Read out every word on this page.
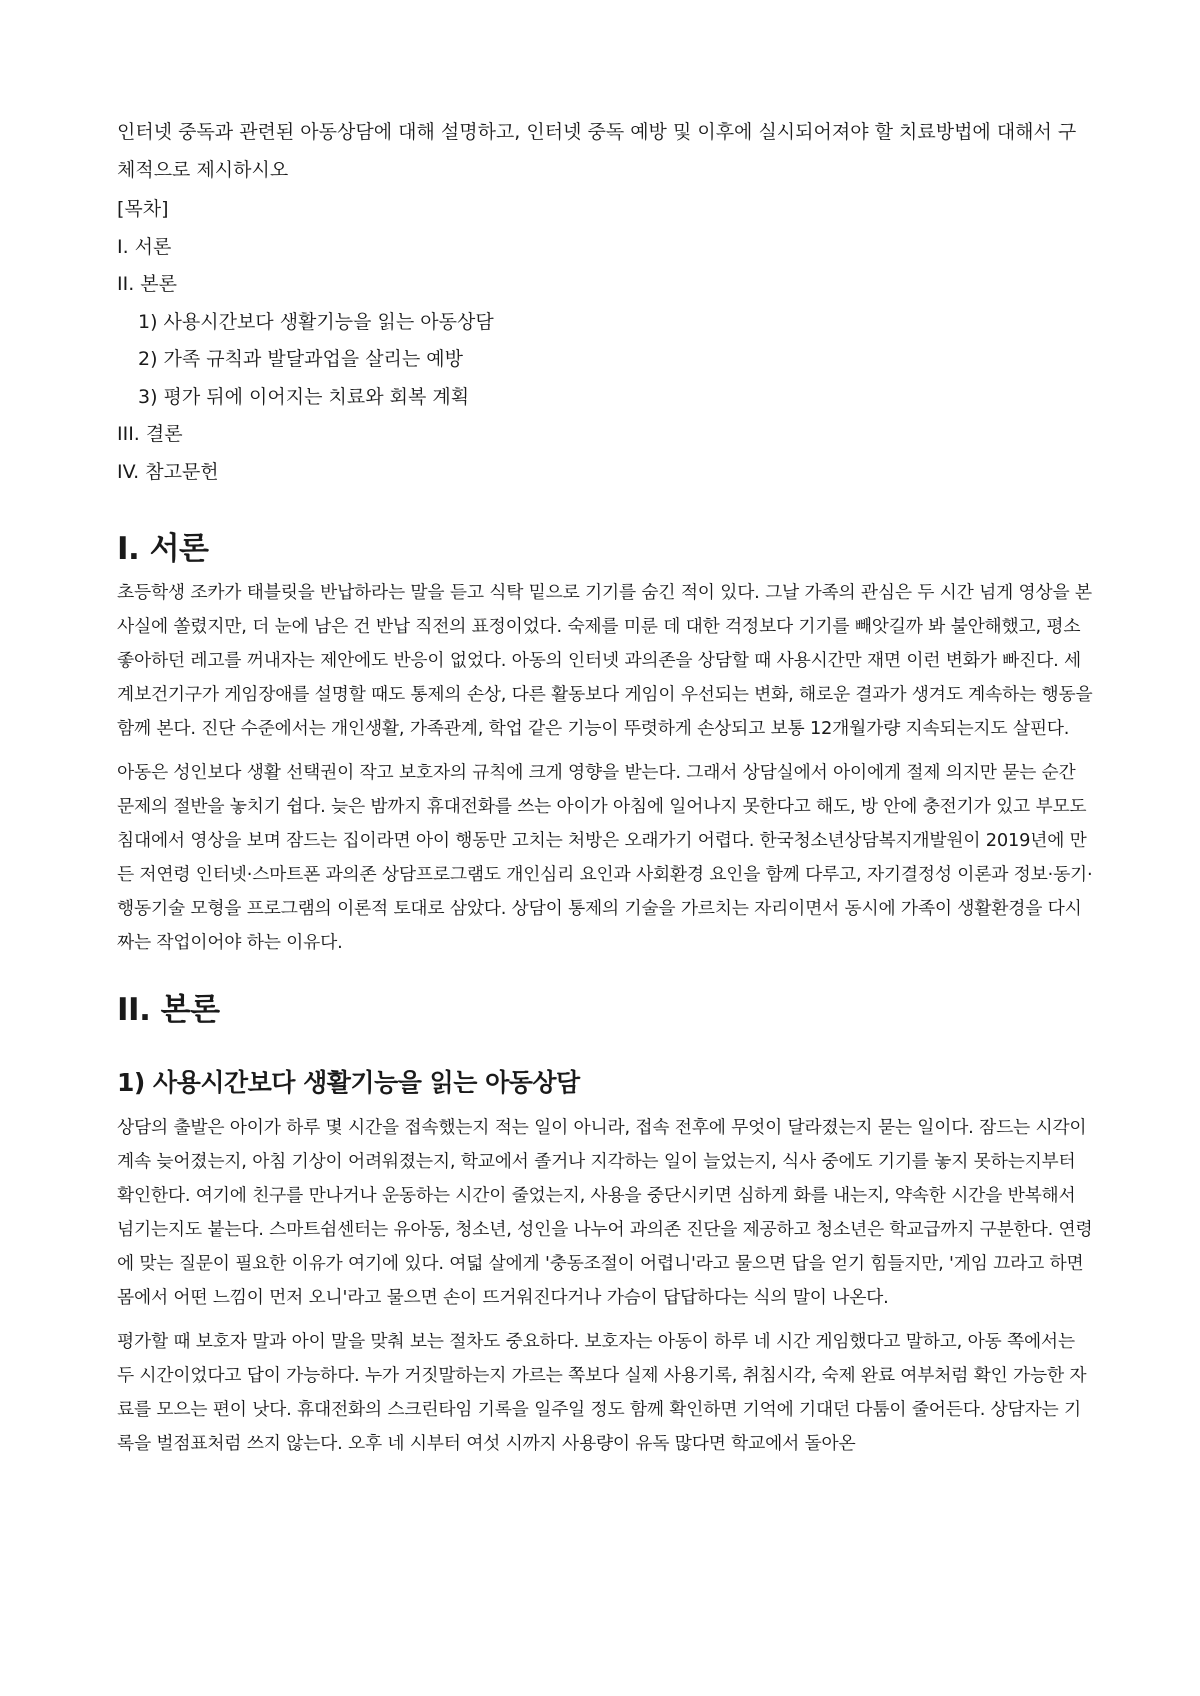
인터넷 중독과 관련된 아동상담에 대해 설명하고, 인터넷 중독 예방 및 이후에 실시되어져야 할 치료방법에 대해서 구체적으로 제시하시오

[목차]
I. 서론
II. 본론
1) 사용시간보다 생활기능을 읽는 아동상담
2) 가족 규칙과 발달과업을 살리는 예방
3) 평가 뒤에 이어지는 치료와 회복 계획
III. 결론
IV. 참고문헌
I. 서론

초등학생 조카가 태블릿을 반납하라는 말을 듣고 식탁 밑으로 기기를 숨긴 적이 있다. 그날 가족의 관심은 두 시간 넘게 영상을 본 사실에 쏠렸지만, 더 눈에 남은 건 반납 직전의 표정이었다. 숙제를 미룬 데 대한 걱정보다 기기를 빼앗길까 봐 불안해했고, 평소 좋아하던 레고를 꺼내자는 제안에도 반응이 없었다. 아동의 인터넷 과의존을 상담할 때 사용시간만 재면 이런 변화가 빠진다. 세계보건기구가 게임장애를 설명할 때도 통제의 손상, 다른 활동보다 게임이 우선되는 변화, 해로운 결과가 생겨도 계속하는 행동을 함께 본다. 진단 수준에서는 개인생활, 가족관계, 학업 같은 기능이 뚜렷하게 손상되고 보통 12개월가량 지속되는지도 살핀다.

아동은 성인보다 생활 선택권이 작고 보호자의 규칙에 크게 영향을 받는다. 그래서 상담실에서 아이에게 절제 의지만 묻는 순간 문제의 절반을 놓치기 쉽다. 늦은 밤까지 휴대전화를 쓰는 아이가 아침에 일어나지 못한다고 해도, 방 안에 충전기가 있고 부모도 침대에서 영상을 보며 잠드는 집이라면 아이 행동만 고치는 처방은 오래가기 어렵다. 한국청소년상담복지개발원이 2019년에 만든 저연령 인터넷·스마트폰 과의존 상담프로그램도 개인심리 요인과 사회환경 요인을 함께 다루고, 자기결정성 이론과 정보·동기·행동기술 모형을 프로그램의 이론적 토대로 삼았다. 상담이 통제의 기술을 가르치는 자리이면서 동시에 가족이 생활환경을 다시 짜는 작업이어야 하는 이유다.

II. 본론
1) 사용시간보다 생활기능을 읽는 아동상담

상담의 출발은 아이가 하루 몇 시간을 접속했는지 적는 일이 아니라, 접속 전후에 무엇이 달라졌는지 묻는 일이다. 잠드는 시각이 계속 늦어졌는지, 아침 기상이 어려워졌는지, 학교에서 졸거나 지각하는 일이 늘었는지, 식사 중에도 기기를 놓지 못하는지부터 확인한다. 여기에 친구를 만나거나 운동하는 시간이 줄었는지, 사용을 중단시키면 심하게 화를 내는지, 약속한 시간을 반복해서 넘기는지도 붙는다. 스마트쉼센터는 유아동, 청소년, 성인을 나누어 과의존 진단을 제공하고 청소년은 학교급까지 구분한다. 연령에 맞는 질문이 필요한 이유가 여기에 있다. 여덟 살에게 '충동조절이 어렵니'라고 물으면 답을 얻기 힘들지만, '게임 끄라고 하면 몸에서 어떤 느낌이 먼저 오니'라고 물으면 손이 뜨거워진다거나 가슴이 답답하다는 식의 말이 나온다.

평가할 때 보호자 말과 아이 말을 맞춰 보는 절차도 중요하다. 보호자는 아동이 하루 네 시간 게임했다고 말하고, 아동 쪽에서는 두 시간이었다고 답이 가능하다. 누가 거짓말하는지 가르는 쪽보다 실제 사용기록, 취침시각, 숙제 완료 여부처럼 확인 가능한 자료를 모으는 편이 낫다. 휴대전화의 스크린타임 기록을 일주일 정도 함께 확인하면 기억에 기대던 다툼이 줄어든다. 상담자는 기록을 벌점표처럼 쓰지 않는다. 오후 네 시부터 여섯 시까지 사용량이 유독 많다면 학교에서 돌아온
